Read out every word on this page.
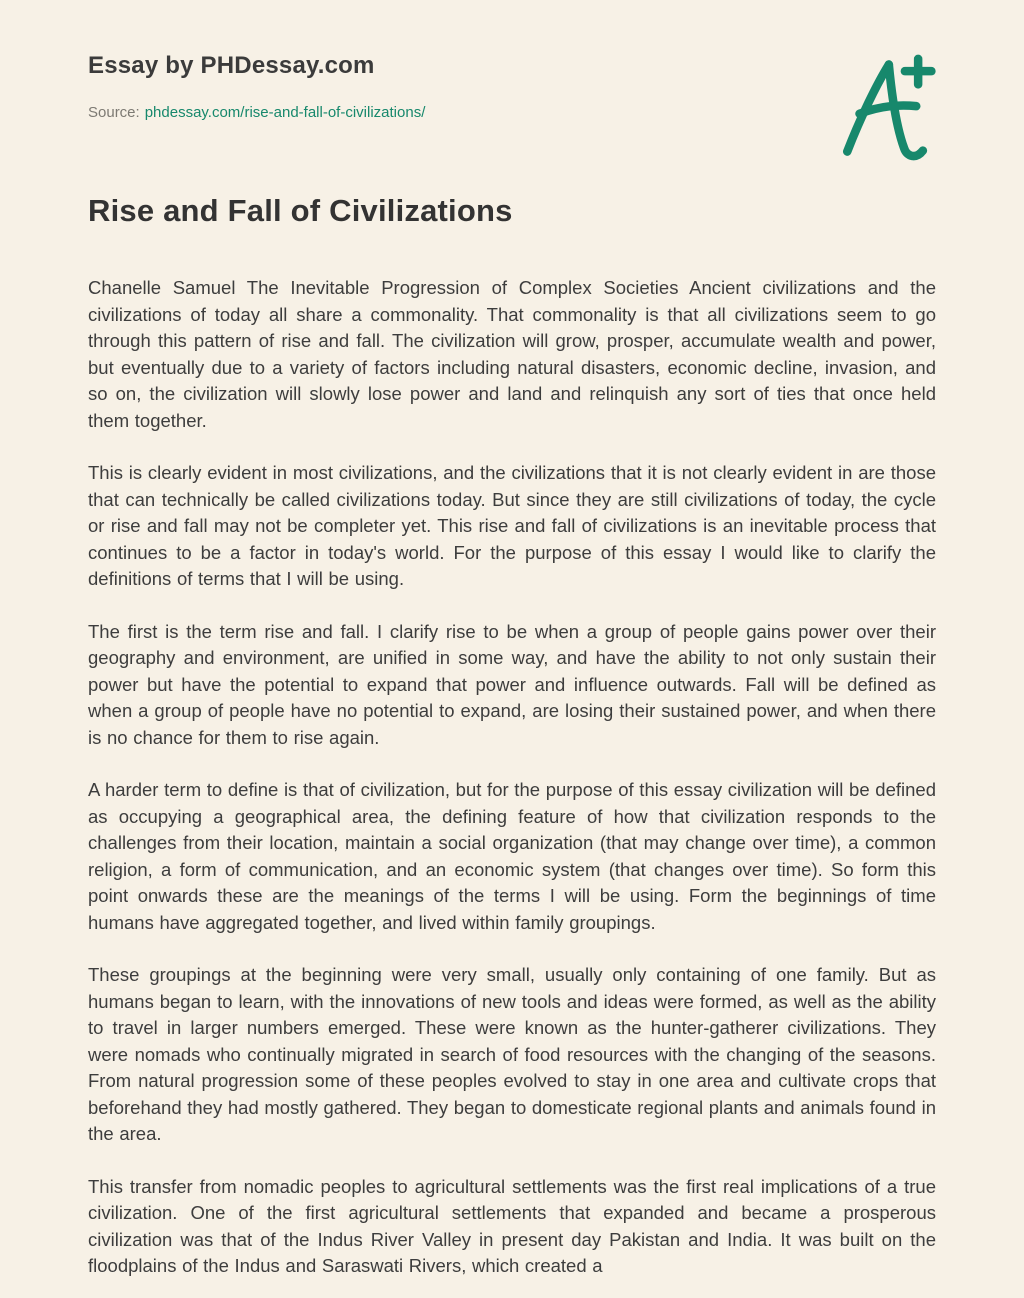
Essay by PHDessay.com
Source: phdessay.com/rise-and-fall-of-civilizations/
Rise and Fall of Civilizations

Chanelle Samuel The Inevitable Progression of Complex Societies Ancient civilizations and the civilizations of today all share a commonality. That commonality is that all civilizations seem to go through this pattern of rise and fall. The civilization will grow, prosper, accumulate wealth and power, but eventually due to a variety of factors including natural disasters, economic decline, invasion, and so on, the civilization will slowly lose power and land and relinquish any sort of ties that once held them together.

This is clearly evident in most civilizations, and the civilizations that it is not clearly evident in are those that can technically be called civilizations today. But since they are still civilizations of today, the cycle or rise and fall may not be completer yet. This rise and fall of civilizations is an inevitable process that continues to be a factor in today's world. For the purpose of this essay I would like to clarify the definitions of terms that I will be using.

The first is the term rise and fall. I clarify rise to be when a group of people gains power over their geography and environment, are unified in some way, and have the ability to not only sustain their power but have the potential to expand that power and influence outwards. Fall will be defined as when a group of people have no potential to expand, are losing their sustained power, and when there is no chance for them to rise again.

A harder term to define is that of civilization, but for the purpose of this essay civilization will be defined as occupying a geographical area, the defining feature of how that civilization responds to the challenges from their location, maintain a social organization (that may change over time), a common religion, a form of communication, and an economic system (that changes over time). So form this point onwards these are the meanings of the terms I will be using. Form the beginnings of time humans have aggregated together, and lived within family groupings.

These groupings at the beginning were very small, usually only containing of one family. But as humans began to learn, with the innovations of new tools and ideas were formed, as well as the ability to travel in larger numbers emerged. These were known as the hunter-gatherer civilizations. They were nomads who continually migrated in search of food resources with the changing of the seasons. From natural progression some of these peoples evolved to stay in one area and cultivate crops that beforehand they had mostly gathered. They began to domesticate regional plants and animals found in the area.

This transfer from nomadic peoples to agricultural settlements was the first real implications of a true civilization. One of the first agricultural settlements that expanded and became a prosperous civilization was that of the Indus River Valley in present day Pakistan and India. It was built on the floodplains of the Indus and Saraswati Rivers, which created a
